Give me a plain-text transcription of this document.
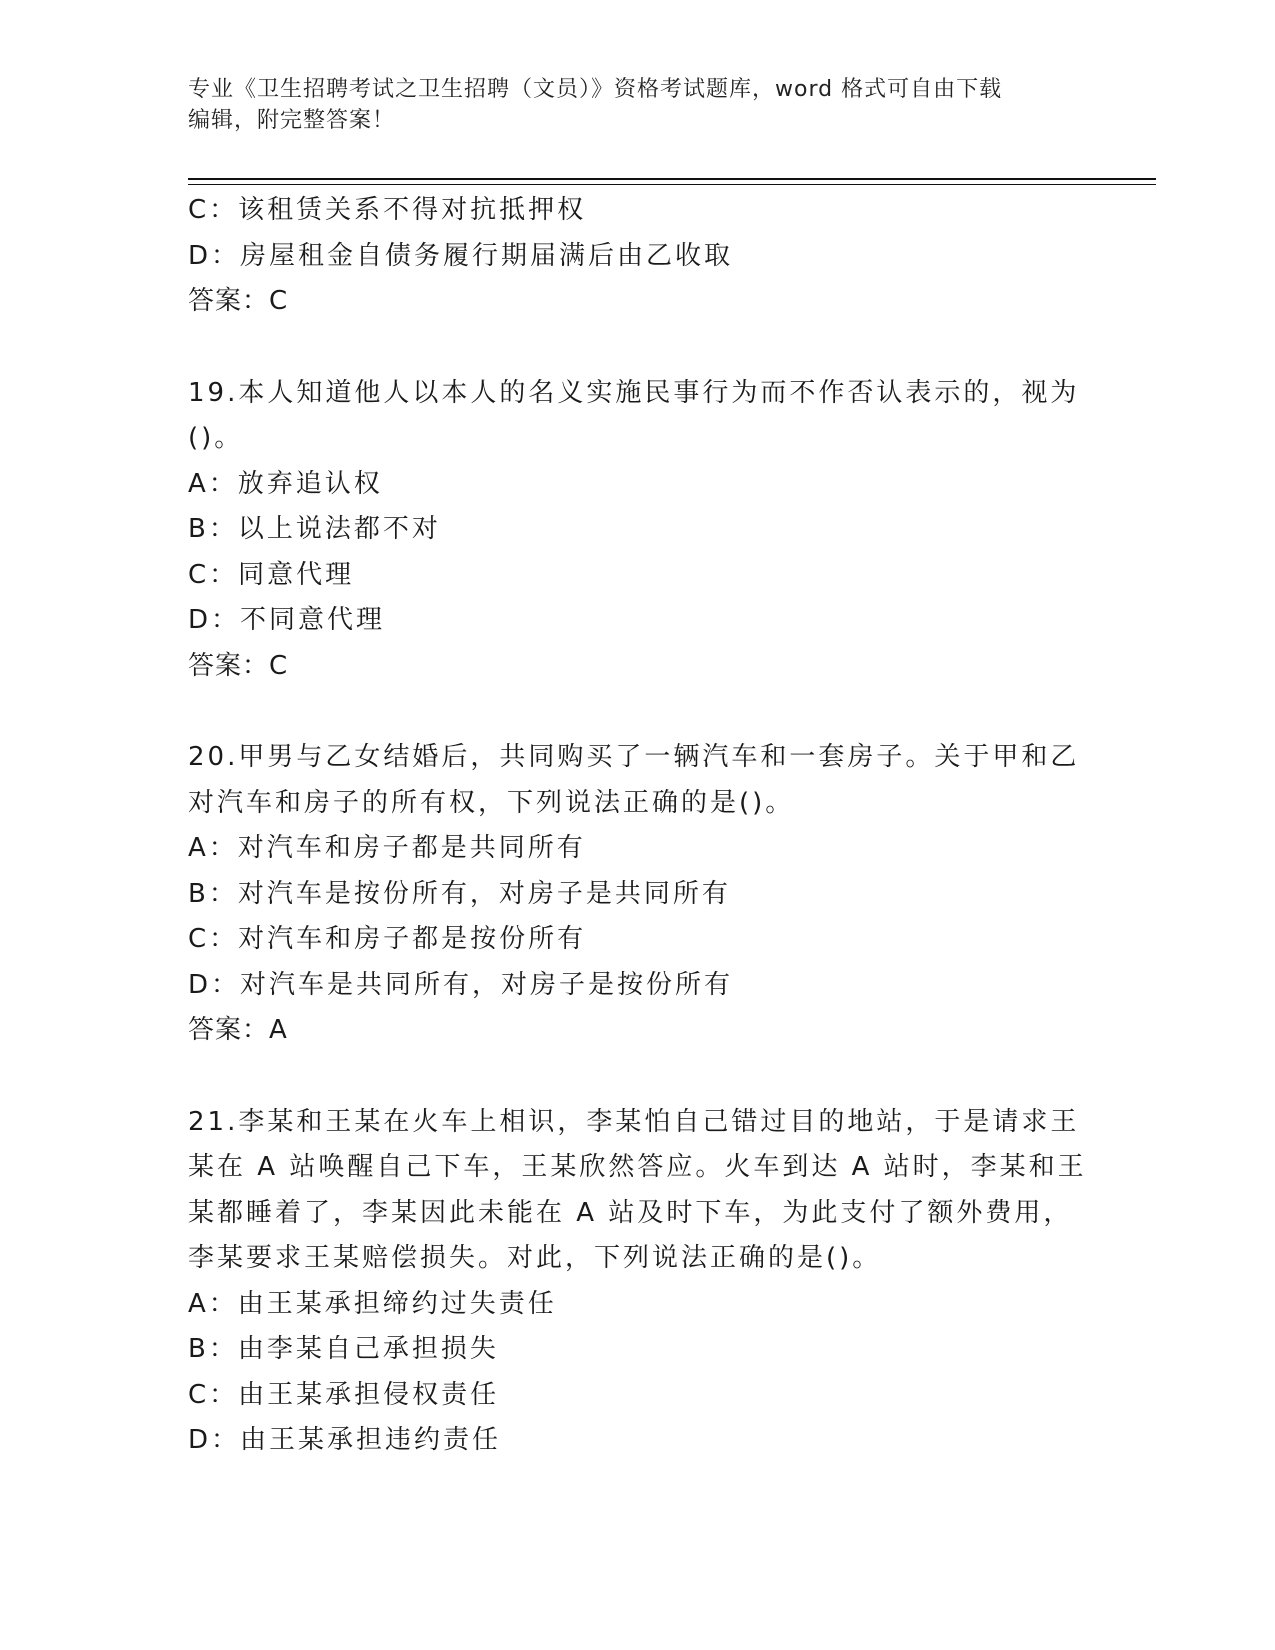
专业《卫生招聘考试之卫生招聘（文员）》资格考试题库，word 格式可自由下载
编辑，附完整答案！
C：该租赁关系不得对抗抵押权
D：房屋租金自债务履行期届满后由乙收取
答案：C
19.本人知道他人以本人的名义实施民事行为而不作否认表示的，视为
()。
A：放弃追认权
B：以上说法都不对
C：同意代理
D：不同意代理
答案：C
20.甲男与乙女结婚后，共同购买了一辆汽车和一套房子。关于甲和乙
对汽车和房子的所有权，下列说法正确的是()。
A：对汽车和房子都是共同所有
B：对汽车是按份所有，对房子是共同所有
C：对汽车和房子都是按份所有
D：对汽车是共同所有，对房子是按份所有
答案：A
21.李某和王某在火车上相识，李某怕自己错过目的地站，于是请求王
某在 A 站唤醒自己下车，王某欣然答应。火车到达 A 站时，李某和王
某都睡着了，李某因此未能在 A 站及时下车，为此支付了额外费用，
李某要求王某赔偿损失。对此，下列说法正确的是()。
A：由王某承担缔约过失责任
B：由李某自己承担损失
C：由王某承担侵权责任
D：由王某承担违约责任
